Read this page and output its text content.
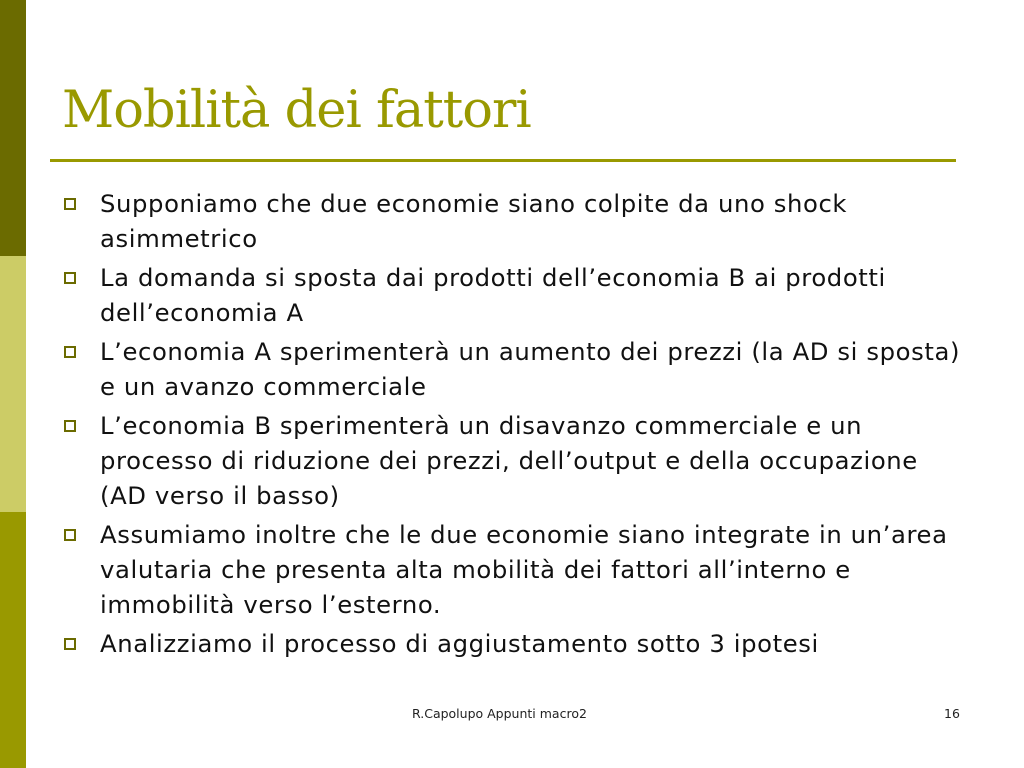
Mobilità dei fattori
Supponiamo che due economie siano colpite da uno shock asimmetrico
La domanda si sposta dai prodotti dell’economia B ai prodotti dell’economia A
L’economia A sperimenterà un aumento dei prezzi (la AD si sposta) e un avanzo commerciale
L’economia B sperimenterà un disavanzo commerciale e un processo di riduzione dei prezzi, dell’output e della occupazione (AD verso il basso)
Assumiamo inoltre che le due economie siano integrate in un’area valutaria che presenta alta mobilità dei fattori all’interno e immobilità verso l’esterno.
Analizziamo il processo di aggiustamento sotto 3 ipotesi
R.Capolupo Appunti macro2	16
